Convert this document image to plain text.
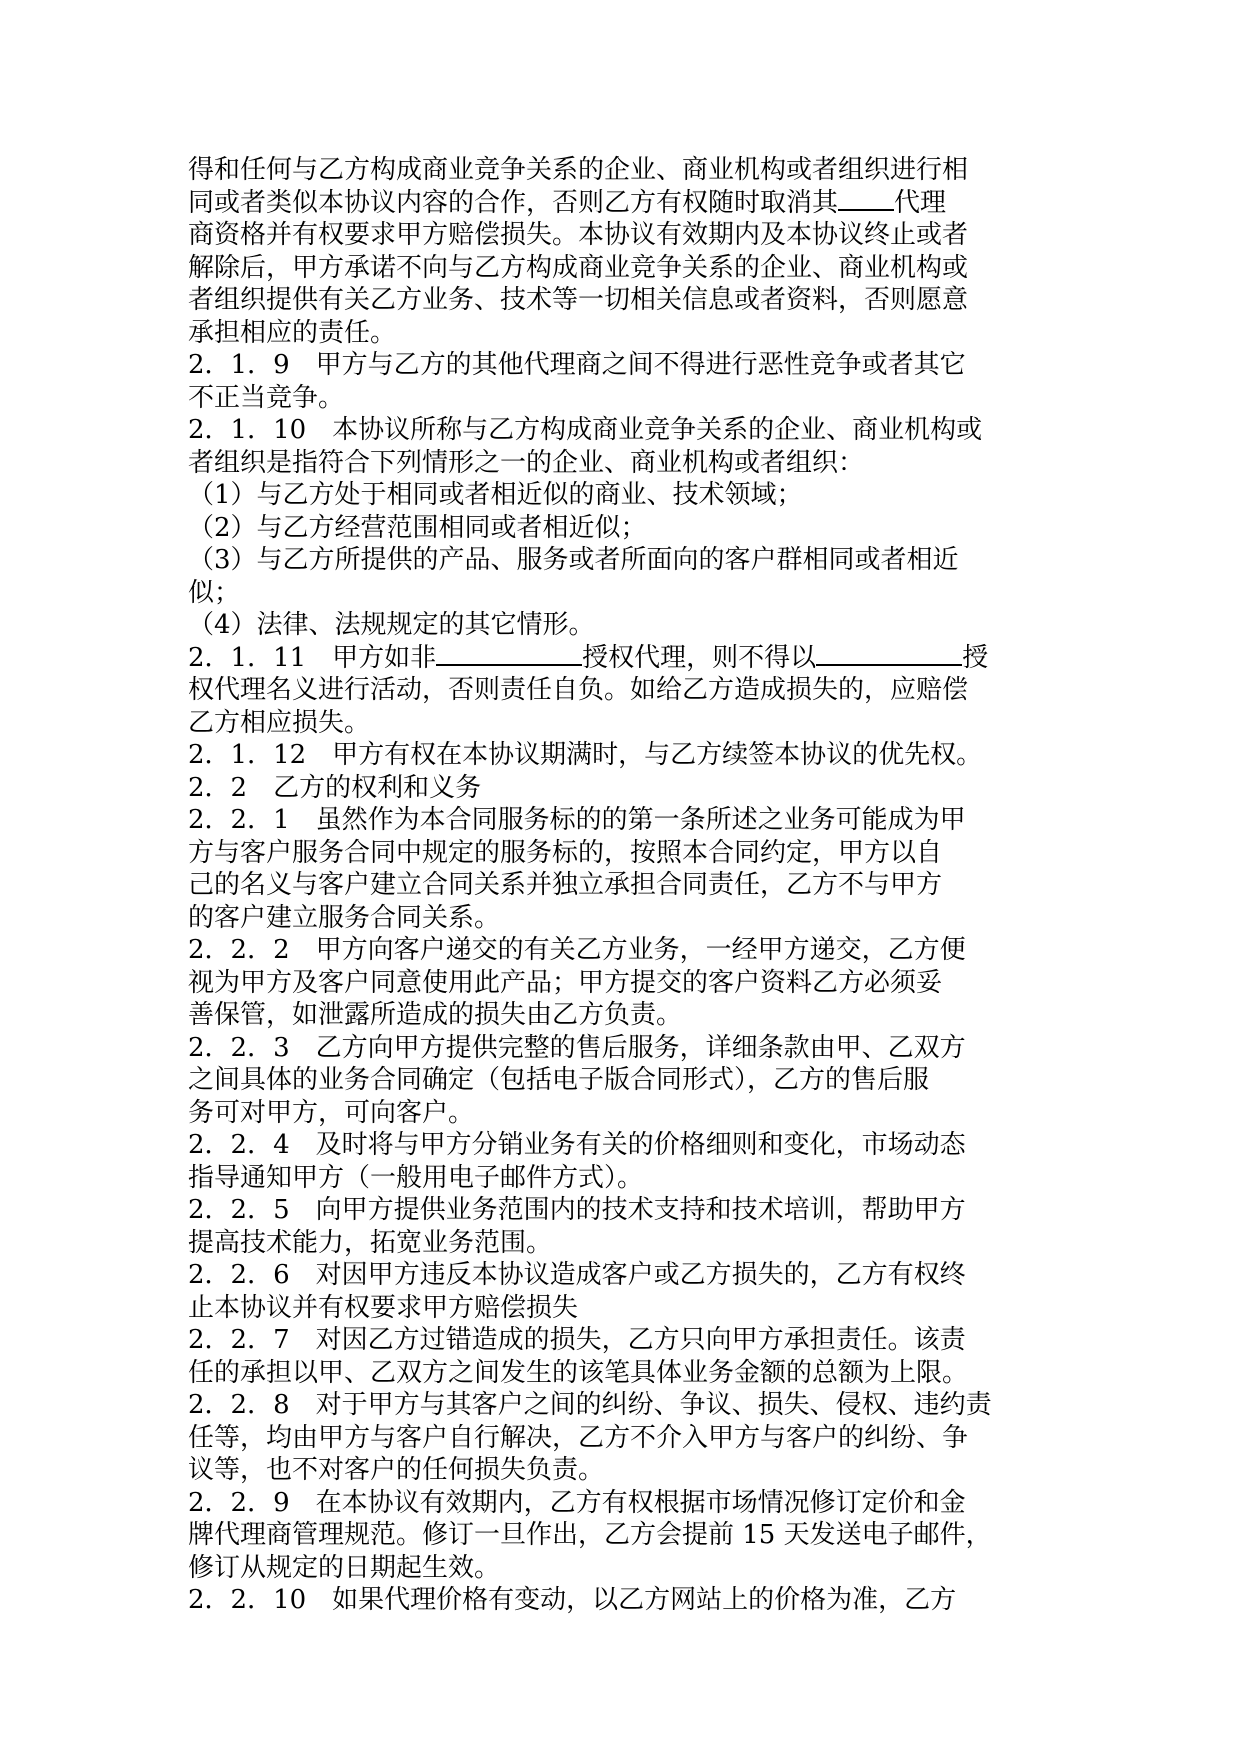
得和任何与乙方构成商业竞争关系的企业、商业机构或者组织进行相
同或者类似本协议内容的合作，否则乙方有权随时取消其 代理
商资格并有权要求甲方赔偿损失。本协议有效期内及本协议终止或者
解除后，甲方承诺不向与乙方构成商业竞争关系的企业、商业机构或
者组织提供有关乙方业务、技术等一切相关信息或者资料，否则愿意
承担相应的责任。
2．1．9　甲方与乙方的其他代理商之间不得进行恶性竞争或者其它
不正当竞争。
2．1．10　本协议所称与乙方构成商业竞争关系的企业、商业机构或
者组织是指符合下列情形之一的企业、商业机构或者组织：
（1）与乙方处于相同或者相近似的商业、技术领域；
（2）与乙方经营范围相同或者相近似；
（3）与乙方所提供的产品、服务或者所面向的客户群相同或者相近
似；
（4）法律、法规规定的其它情形。
2．1．11　甲方如非	授权代理，则不得以	授
权代理名义进行活动，否则责任自负。如给乙方造成损失的，应赔偿
乙方相应损失。
2．1．12　甲方有权在本协议期满时，与乙方续签本协议的优先权。
2．2　乙方的权利和义务
2．2．1　虽然作为本合同服务标的的第一条所述之业务可能成为甲
方与客户服务合同中规定的服务标的，按照本合同约定，甲方以自
己的名义与客户建立合同关系并独立承担合同责任，乙方不与甲方
的客户建立服务合同关系。
2．2．2　甲方向客户递交的有关乙方业务，一经甲方递交，乙方便
视为甲方及客户同意使用此产品；甲方提交的客户资料乙方必须妥
善保管，如泄露所造成的损失由乙方负责。
2．2．3　乙方向甲方提供完整的售后服务，详细条款由甲、乙双方
之间具体的业务合同确定（包括电子版合同形式），乙方的售后服
务可对甲方，可向客户。
2．2．4　及时将与甲方分销业务有关的价格细则和变化，市场动态
指导通知甲方（一般用电子邮件方式）。
2．2．5　向甲方提供业务范围内的技术支持和技术培训，帮助甲方
提高技术能力，拓宽业务范围。
2．2．6　对因甲方违反本协议造成客户或乙方损失的，乙方有权终
止本协议并有权要求甲方赔偿损失
2．2．7　对因乙方过错造成的损失，乙方只向甲方承担责任。该责
任的承担以甲、乙双方之间发生的该笔具体业务金额的总额为上限。
2．2．8　对于甲方与其客户之间的纠纷、争议、损失、侵权、违约责
任等，均由甲方与客户自行解决，乙方不介入甲方与客户的纠纷、争
议等，也不对客户的任何损失负责。
2．2．9　在本协议有效期内，乙方有权根据市场情况修订定价和金
牌代理商管理规范。修订一旦作出，乙方会提前 15 天发送电子邮件，
修订从规定的日期起生效。
2．2．10　如果代理价格有变动，以乙方网站上的价格为准，乙方
